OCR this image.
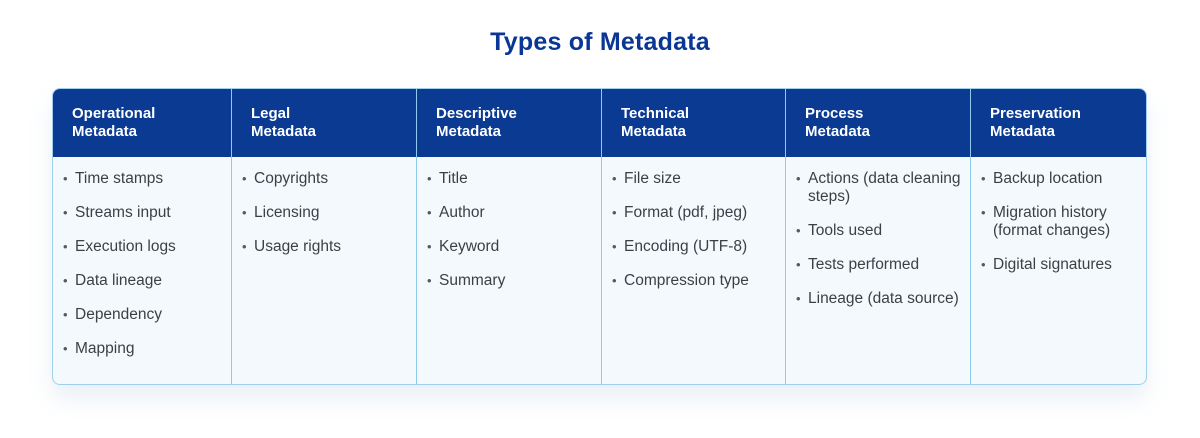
Types of Metadata
Operational
Metadata
• Time stamps
• Streams input
• Execution logs
• Data lineage
• Dependency
• Mapping
Legal
Metadata
• Copyrights
• Licensing
• Usage rights
Descriptive
Metadata
• Title
• Author
• Keyword
• Summary
Technical
Metadata
• File size
• Format (pdf, jpeg)
• Encoding (UTF-8)
• Compression type
Process
Metadata
• Actions (data cleaning steps)
• Tools used
• Tests performed
• Lineage (data source)
Preservation
Metadata
• Backup location
• Migration history (format changes)
• Digital signatures
